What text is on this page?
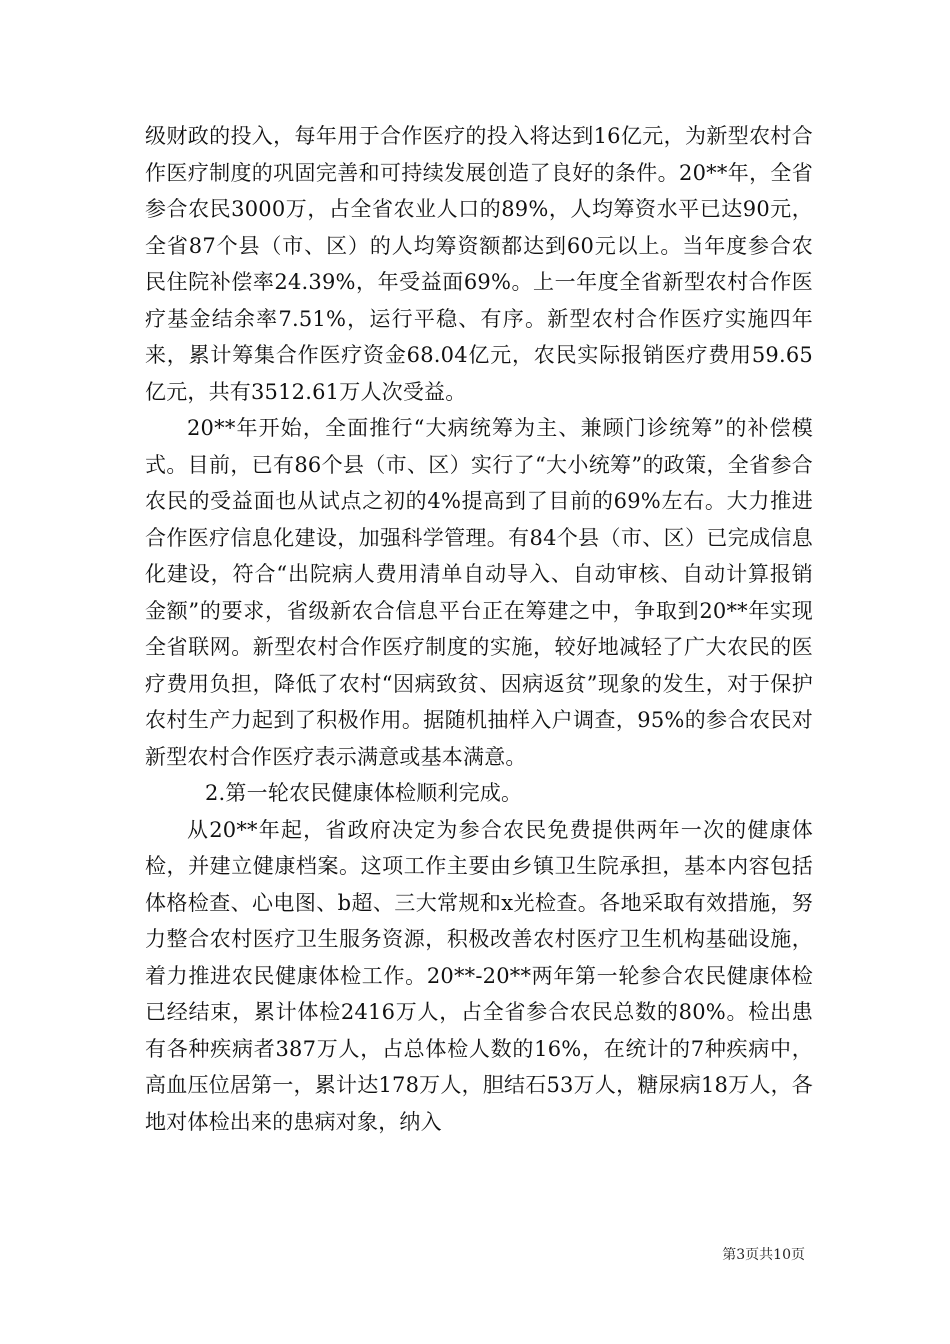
级财政的投入，每年用于合作医疗的投入将达到16亿元，为新型农村合作医疗制度的巩固完善和可持续发展创造了良好的条件。20**年，全省参合农民3000万，占全省农业人口的89%，人均筹资水平已达90元，全省87个县（市、区）的人均筹资额都达到60元以上。当年度参合农民住院补偿率24.39%，年受益面69%。上一年度全省新型农村合作医疗基金结余率7.51%，运行平稳、有序。新型农村合作医疗实施四年来，累计筹集合作医疗资金68.04亿元，农民实际报销医疗费用59.65亿元，共有3512.61万人次受益。

20**年开始，全面推行“大病统筹为主、兼顾门诊统筹”的补偿模式。目前，已有86个县（市、区）实行了“大小统筹”的政策，全省参合农民的受益面也从试点之初的4%提高到了目前的69%左右。大力推进合作医疗信息化建设，加强科学管理。有84个县（市、区）已完成信息化建设，符合“出院病人费用清单自动导入、自动审核、自动计算报销金额”的要求，省级新农合信息平台正在筹建之中，争取到20**年实现全省联网。新型农村合作医疗制度的实施，较好地减轻了广大农民的医疗费用负担，降低了农村“因病致贫、因病返贫”现象的发生，对于保护农村生产力起到了积极作用。据随机抽样入户调查，95%的参合农民对新型农村合作医疗表示满意或基本满意。

2.第一轮农民健康体检顺利完成。

从20**年起，省政府决定为参合农民免费提供两年一次的健康体检，并建立健康档案。这项工作主要由乡镇卫生院承担，基本内容包括体格检查、心电图、b超、三大常规和x光检查。各地采取有效措施，努力整合农村医疗卫生服务资源，积极改善农村医疗卫生机构基础设施，着力推进农民健康体检工作。20**-20**两年第一轮参合农民健康体检已经结束，累计体检2416万人，占全省参合农民总数的80%。检出患有各种疾病者387万人，占总体检人数的16%，在统计的7种疾病中，高血压位居第一，累计达178万人，胆结石53万人，糖尿病18万人，各地对体检出来的患病对象，纳入

第3页共10页
